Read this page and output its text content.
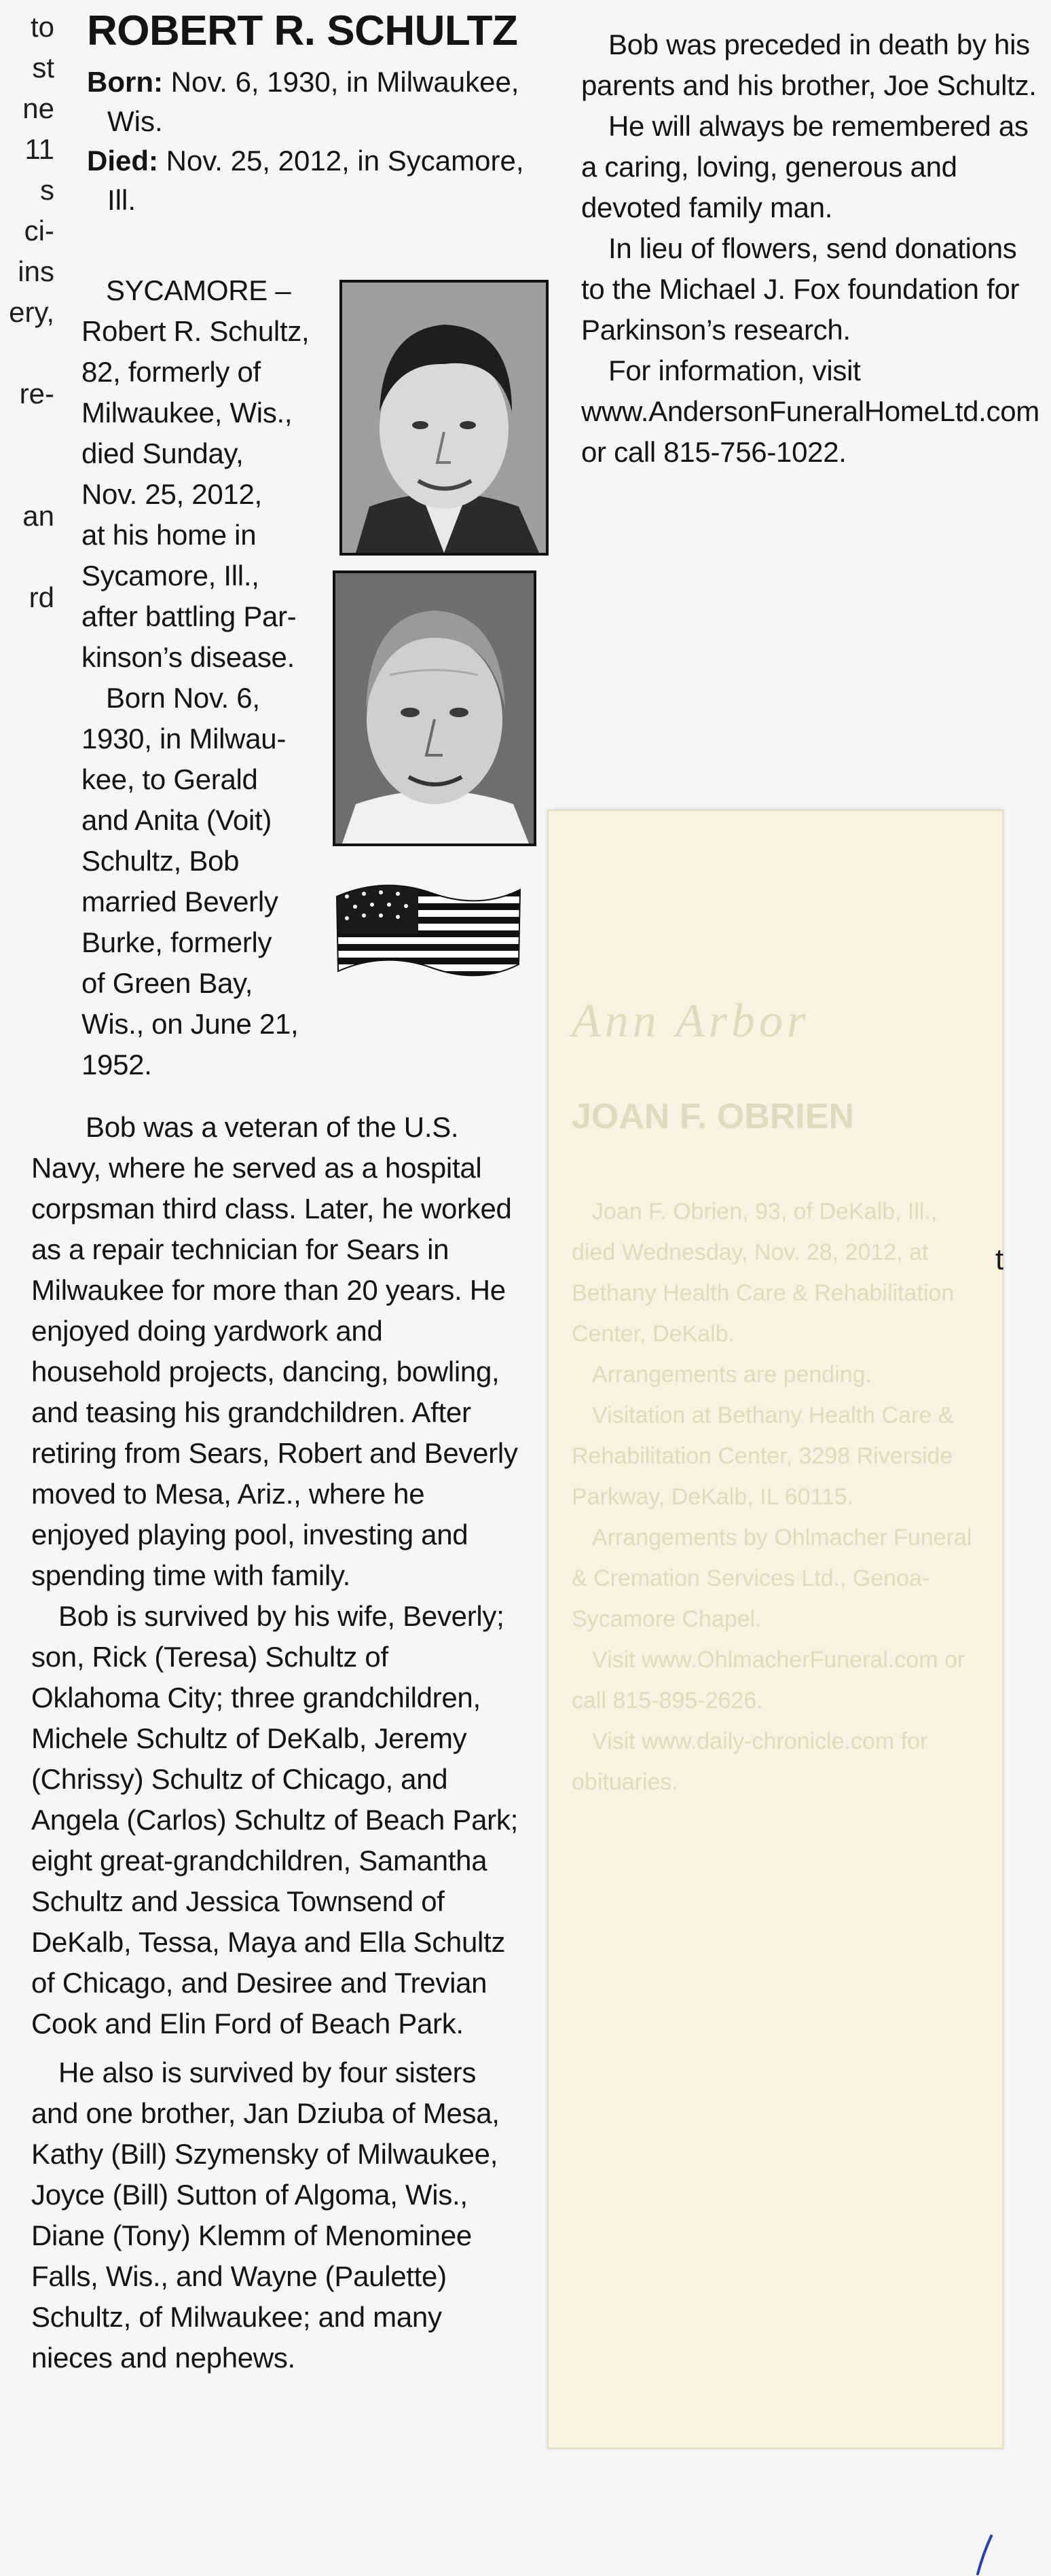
to
st
ne
11
s
ci-
ins
ery,
re-
an
rd
ROBERT R. SCHULTZ
Born: Nov. 6, 1930, in Milwaukee,
Wis.
Died: Nov. 25, 2012, in Sycamore,
Ill.
SYCAMORE –
Robert R. Schultz,
82, formerly of
Milwaukee, Wis.,
died Sunday,
Nov. 25, 2012,
at his home in
Sycamore, Ill.,
after battling Par-
kinson’s disease.
Born Nov. 6,
1930, in Milwau-
kee, to Gerald
and Anita (Voit)
Schultz, Bob
married Beverly
Burke, formerly
of Green Bay,
Wis., on June 21,
1952.

Bob was a veteran of the U.S. Navy, where he served as a hospital corpsman third class. Later, he worked as a repair technician for Sears in Milwaukee for more than 20 years. He enjoyed doing yardwork and household projects, dancing, bowling, and teasing his grandchildren. After retiring from Sears, Robert and Beverly moved to Mesa, Ariz., where he enjoyed playing pool, investing and spending time with family.

Bob is survived by his wife, Beverly; son, Rick (Teresa) Schultz of Oklahoma City; three grandchildren, Michele Schultz of DeKalb, Jeremy (Chrissy) Schultz of Chicago, and Angela (Carlos) Schultz of Beach Park; eight great-grandchildren, Samantha Schultz and Jessica Townsend of DeKalb, Tessa, Maya and Ella Schultz of Chicago, and Desiree and Trevian Cook and Elin Ford of Beach Park.

He also is survived by four sisters and one brother, Jan Dziuba of Mesa, Kathy (Bill) Szymensky of Milwaukee, Joyce (Bill) Sutton of Algoma, Wis., Diane (Tony) Klemm of Menominee Falls, Wis., and Wayne (Paulette) Schultz, of Milwaukee; and many nieces and nephews.

Bob was preceded in death by his parents and his brother, Joe Schultz.

He will always be remembered as a caring, loving, generous and devoted family man.

In lieu of flowers, send donations to the Michael J. Fox foundation for Parkinson’s research.

For information, visit www.AndersonFuneralHomeLtd.com or call 815-756-1022.

Ann Arbor
JOAN F. OBRIEN

Joan F. Obrien, 93, of DeKalb, Ill., died Wednesday, Nov. 28, 2012, at Bethany Health Care & Rehabilitation Center, DeKalb.

Arrangements are pending.

Visitation at Bethany Health Care & Rehabilitation Center, 3298 Riverside Parkway, DeKalb, IL 60115.

Arrangements by Ohlmacher Funeral & Cremation Services Ltd., Genoa-Sycamore Chapel.

Visit www.OhlmacherFuneral.com or call 815-895-2626.

Visit www.daily-chronicle.com for obituaries.

t
